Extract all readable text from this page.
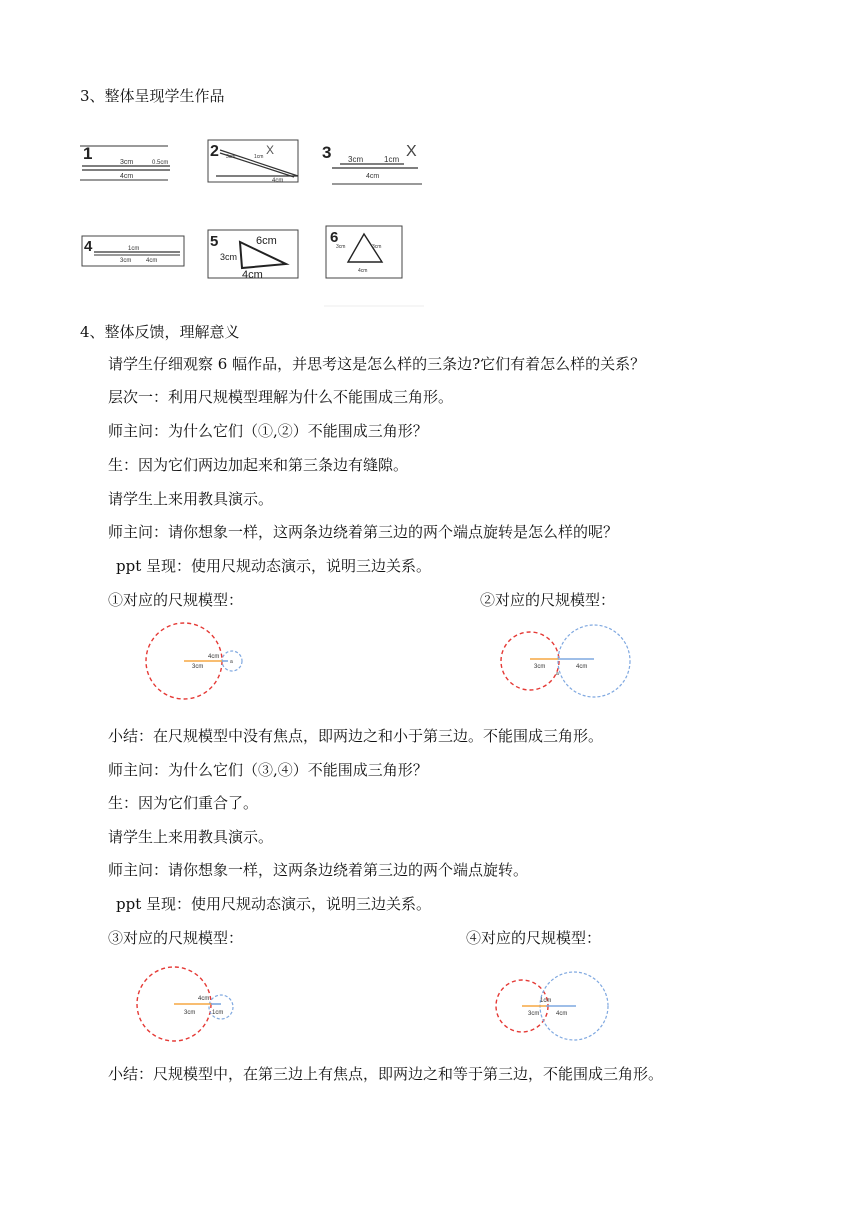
3、整体呈现学生作品
1	3cm	0.5cm
4cm
2	X
3cm	1cm
4cm
3	X
3cm	1cm
4cm
4	1cm
3cm 4cm
5
3cm
6cm
4cm
6
3cm	3cm
4cm
4、整体反馈，理解意义
请学生仔细观察 6 幅作品，并思考这是怎么样的三条边?它们有着怎么样的关系？
层次一：利用尺规模型理解为什么不能围成三角形。
师主问：为什么它们（①,②）不能围成三角形？
生：因为它们两边加起来和第三条边有缝隙。
请学生上来用教具演示。
师主问：请你想象一样，这两条边绕着第三边的两个端点旋转是怎么样的呢？
ppt 呈现：使用尺规动态演示，说明三边关系。
①对应的尺规模型：	②对应的尺规模型：
3cm
4cm
a
3cm	4cm
a
小结：在尺规模型中没有焦点，即两边之和小于第三边。不能围成三角形。
师主问：为什么它们（③,④）不能围成三角形？
生：因为它们重合了。
请学生上来用教具演示。
师主问：请你想象一样，这两条边绕着第三边的两个端点旋转。
ppt 呈现：使用尺规动态演示，说明三边关系。
③对应的尺规模型：	④对应的尺规模型：
3cm
4cm
1cm	3cm	4cm
1cm
小结：尺规模型中，在第三边上有焦点，即两边之和等于第三边，不能围成三角形。
